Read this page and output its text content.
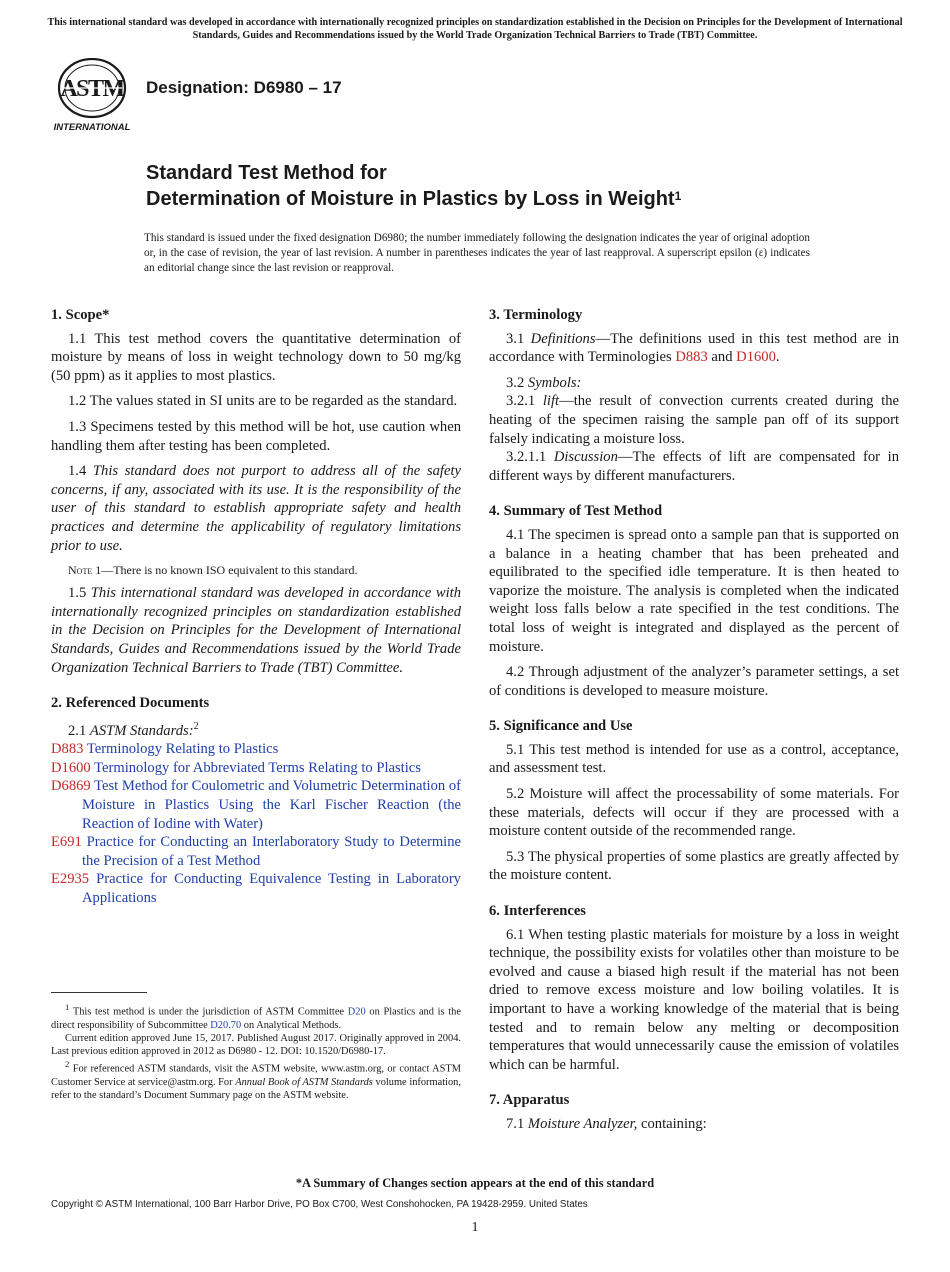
This international standard was developed in accordance with internationally recognized principles on standardization established in the Decision on Principles for the Development of International Standards, Guides and Recommendations issued by the World Trade Organization Technical Barriers to Trade (TBT) Committee.
ASTM
INTERNATIONAL
Designation: D6980 – 17
Standard Test Method for
Determination of Moisture in Plastics by Loss in Weight$^1$
This standard is issued under the fixed designation D6980; the number immediately following the designation indicates the year of original adoption or, in the case of revision, the year of last revision. A number in parentheses indicates the year of last reapproval. A superscript epsilon (ε) indicates an editorial change since the last revision or reapproval.
1. Scope*

1.1 This test method covers the quantitative determination of moisture by means of loss in weight technology down to 50 mg/kg (50 ppm) as it applies to most plastics.

1.2 The values stated in SI units are to be regarded as the standard.

1.3 Specimens tested by this method will be hot, use caution when handling them after testing has been completed.

1.4 This standard does not purport to address all of the safety concerns, if any, associated with its use. It is the responsibility of the user of this standard to establish appropriate safety and health practices and determine the applicability of regulatory limitations prior to use.

Note 1—There is no known ISO equivalent to this standard.

1.5 This international standard was developed in accordance with internationally recognized principles on standardization established in the Decision on Principles for the Development of International Standards, Guides and Recommendations issued by the World Trade Organization Technical Barriers to Trade (TBT) Committee.

2. Referenced Documents

2.1 ASTM Standards:$^2$

D883 Terminology Relating to Plastics

D1600 Terminology for Abbreviated Terms Relating to Plastics

D6869 Test Method for Coulometric and Volumetric Determination of Moisture in Plastics Using the Karl Fischer Reaction (the Reaction of Iodine with Water)

E691 Practice for Conducting an Interlaboratory Study to Determine the Precision of a Test Method

E2935 Practice for Conducting Equivalence Testing in Laboratory Applications

$^1$ This test method is under the jurisdiction of ASTM Committee D20 on Plastics and is the direct responsibility of Subcommittee D20.70 on Analytical Methods.

Current edition approved June 15, 2017. Published August 2017. Originally approved in 2004. Last previous edition approved in 2012 as D6980 - 12. DOI: 10.1520/D6980-17.

$^2$ For referenced ASTM standards, visit the ASTM website, www.astm.org, or contact ASTM Customer Service at service@astm.org. For Annual Book of ASTM Standards volume information, refer to the standard’s Document Summary page on the ASTM website.

3. Terminology

3.1 Definitions—The definitions used in this test method are in accordance with Terminologies D883 and D1600.

3.2 Symbols:

3.2.1 lift—the result of convection currents created during the heating of the specimen raising the sample pan off of its support falsely indicating a moisture loss.

3.2.1.1 Discussion—The effects of lift are compensated for in different ways by different manufacturers.

4. Summary of Test Method

4.1 The specimen is spread onto a sample pan that is supported on a balance in a heating chamber that has been preheated and equilibrated to the specified idle temperature. It is then heated to vaporize the moisture. The analysis is completed when the indicated weight loss falls below a rate specified in the test conditions. The total loss of weight is integrated and displayed as the percent of moisture.

4.2 Through adjustment of the analyzer’s parameter settings, a set of conditions is developed to measure moisture.

5. Significance and Use

5.1 This test method is intended for use as a control, acceptance, and assessment test.

5.2 Moisture will affect the processability of some materials. For these materials, defects will occur if they are processed with a moisture content outside of the recommended range.

5.3 The physical properties of some plastics are greatly affected by the moisture content.

6. Interferences

6.1 When testing plastic materials for moisture by a loss in weight technique, the possibility exists for volatiles other than moisture to be evolved and cause a biased high result if the material has not been dried to remove excess moisture and low boiling volatiles. It is important to have a working knowledge of the material that is being tested and to remain below any melting or decomposition temperatures that would unnecessarily cause the emission of volatiles which can be harmful.

7. Apparatus

7.1 Moisture Analyzer, containing:

*A Summary of Changes section appears at the end of this standard
Copyright © ASTM International, 100 Barr Harbor Drive, PO Box C700, West Conshohocken, PA 19428-2959. United States
1
